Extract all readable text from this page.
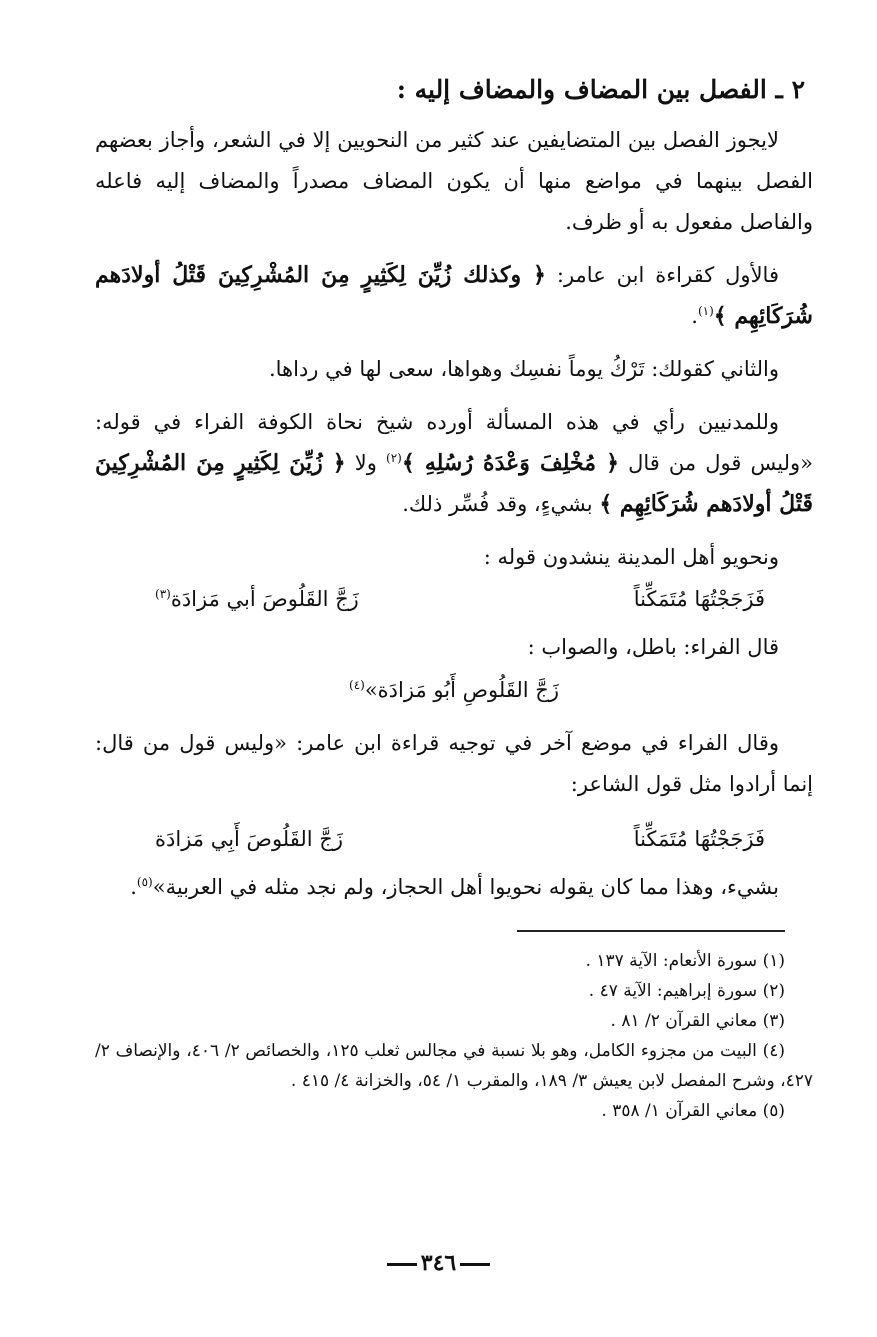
٢ ـ الفصل بين المضاف والمضاف إليه :

لايجوز الفصل بين المتضايفين عند كثير من النحويين إلا في الشعر، وأجاز بعضهم الفصل بينهما في مواضع منها أن يكون المضاف مصدراً والمضاف إليه فاعله والفاصل مفعول به أو ظرف.

فالأول كقراءة ابن عامر: ﴿ وكذلك زُيِّنَ لِكَثِيرٍ مِنَ المُشْرِكِينَ قَتْلُ أولادَهم شُرَكَائِهِم ﴾$^{(١)}$.

والثاني كقولك: تَرْكُ يوماً نفسِك وهواها، سعى لها في رداها.

وللمدنيين رأي في هذه المسألة أورده شيخ نحاة الكوفة الفراء في قوله: «وليس قول من قال ﴿ مُخْلِفَ وَعْدَهُ رُسُلِهِ ﴾$^{(٢)}$ ولا ﴿ زُيِّنَ لِكَثِيرٍ مِنَ المُشْرِكِينَ قَتْلُ أولادَهم شُرَكَائِهِم ﴾ بشيءٍ، وقد فُسِّر ذلك.

ونحويو أهل المدينة ينشدون قوله :
فَزَجَجْتُهَا مُتَمَكِّناً
زَجَّ القَلُوصَ أبي مَزادَة$^{(٣)}$
قال الفراء: باطل، والصواب :
زَجَّ القَلُوصِ أَبُو مَزادَة»$^{(٤)}$

وقال الفراء في موضع آخر في توجيه قراءة ابن عامر: «وليس قول من قال: إنما أرادوا مثل قول الشاعر:

فَزَجَجْتُهَا مُتَمَكِّناً
زَجَّ القَلُوصَ أَبِي مَزادَة

بشيء، وهذا مما كان يقوله نحويوا أهل الحجاز، ولم نجد مثله في العربية»$^{(٥)}$.

(١) سورة الأنعام: الآية ١٣٧ .
(٢) سورة إبراهيم: الآية ٤٧ .
(٣) معاني القرآن ٢/ ٨١ .
(٤) البيت من مجزوء الكامل، وهو بلا نسبة في مجالس ثعلب ١٢٥، والخصائص ٢/ ٤٠٦، والإنصاف ٢/ ٤٢٧، وشرح المفصل لابن يعيش ٣/ ١٨٩، والمقرب ١/ ٥٤، والخزانة ٤/ ٤١٥ .
(٥) معاني القرآن ١/ ٣٥٨ .
٣٤٦
